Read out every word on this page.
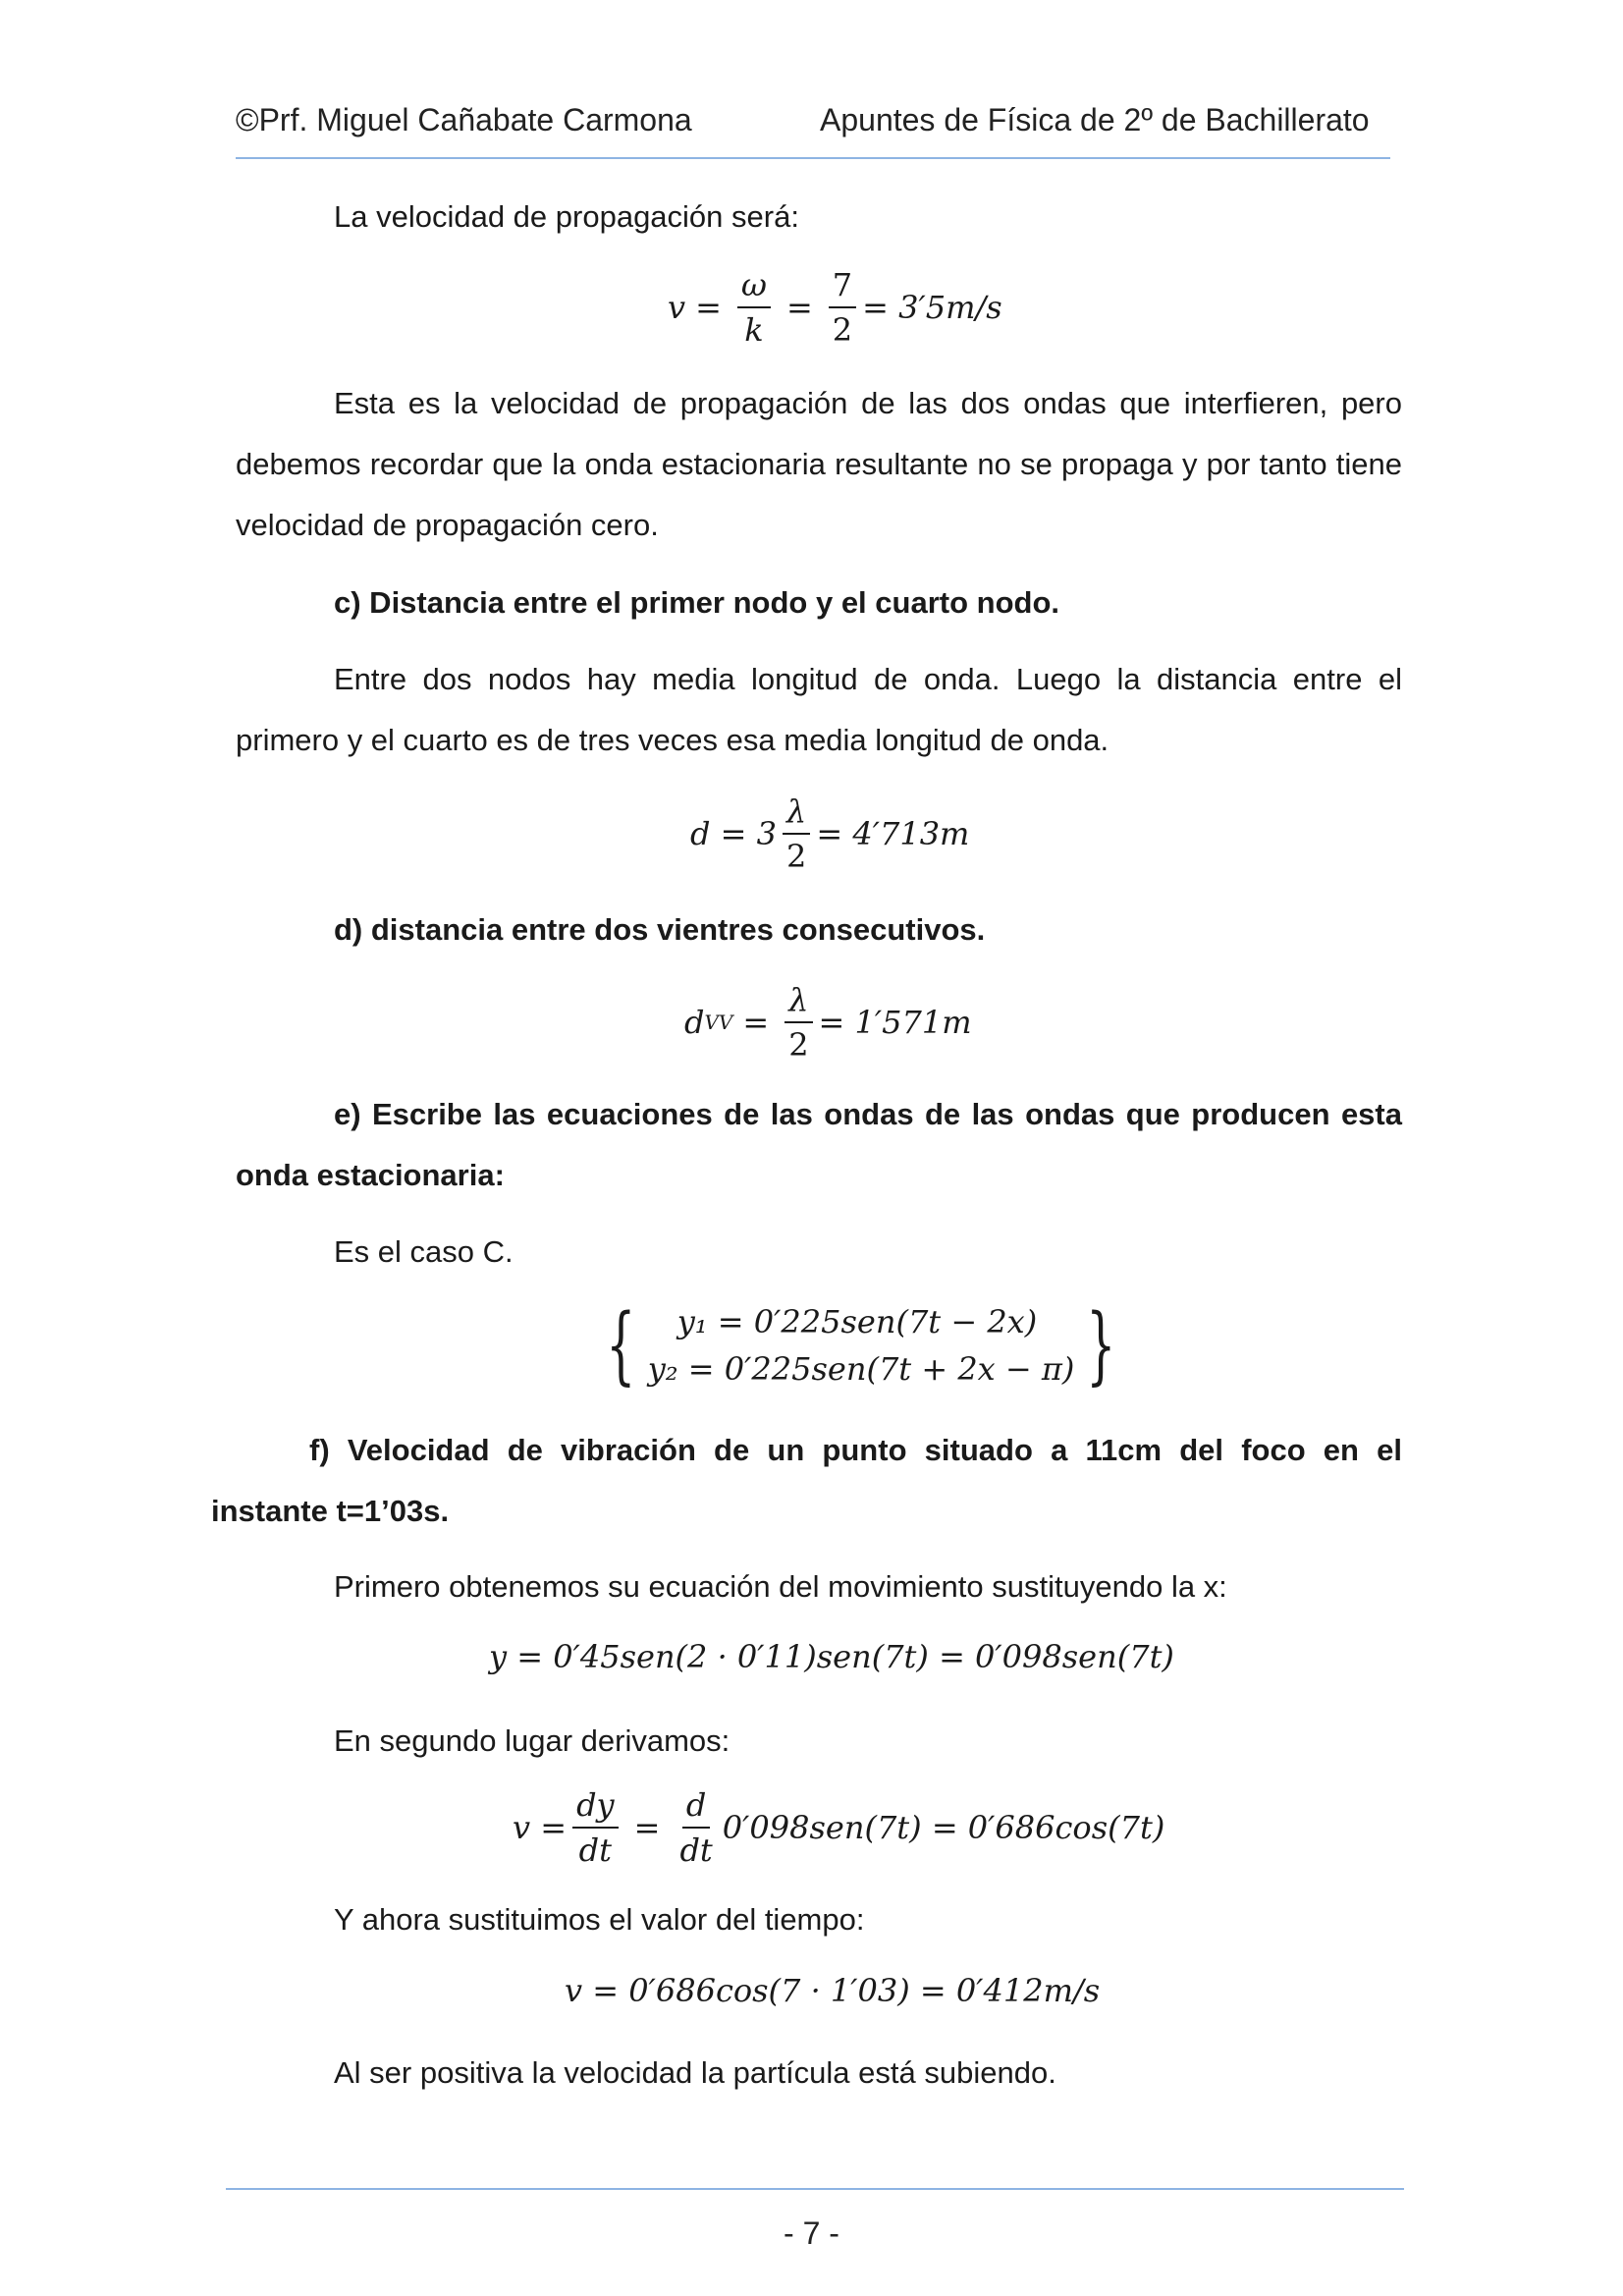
©Prf. Miguel Cañabate Carmona	Apuntes de Física de 2º de Bachillerato
La velocidad de propagación será:
$v = \frac{\omega}{k} = \frac{7}{2} = 3'5m/s$
Esta es la velocidad de propagación de las dos ondas que interfieren, pero debemos recordar que la onda estacionaria resultante no se propaga y por tanto tiene velocidad de propagación cero.
c) Distancia entre el primer nodo y el cuarto nodo.
Entre dos nodos hay media longitud de onda. Luego la distancia entre el primero y el cuarto es de tres veces esa media longitud de onda.
$d = 3 \frac{\lambda}{2} = 4'713m$
d) distancia entre dos vientres consecutivos.
d VV = $\frac{\lambda}{2} = 1'571m$
e) Escribe las ecuaciones de las ondas de las ondas que producen esta onda estacionaria:
Es el caso C.
{	y₁ = 0′225sen(7t − 2x)
y₂ = 0′225sen(7t + 2x − π) }
f) Velocidad de vibración de un punto situado a 11cm del foco en el instante t=1’03s.
Primero obtenemos su ecuación del movimiento sustituyendo la x:
y = 0′45sen(2 · 0′11)sen(7t) = 0′098sen(7t)
En segundo lugar derivamos:
$v = \frac{dy}{dt} = \frac{d}{dt} 0'098sen(7t) = 0'686\cos(7t)$
Y ahora sustituimos el valor del tiempo:
v = 0′686cos(7 · 1′03) = 0′412m/s
Al ser positiva la velocidad la partícula está subiendo.
- 7 -
